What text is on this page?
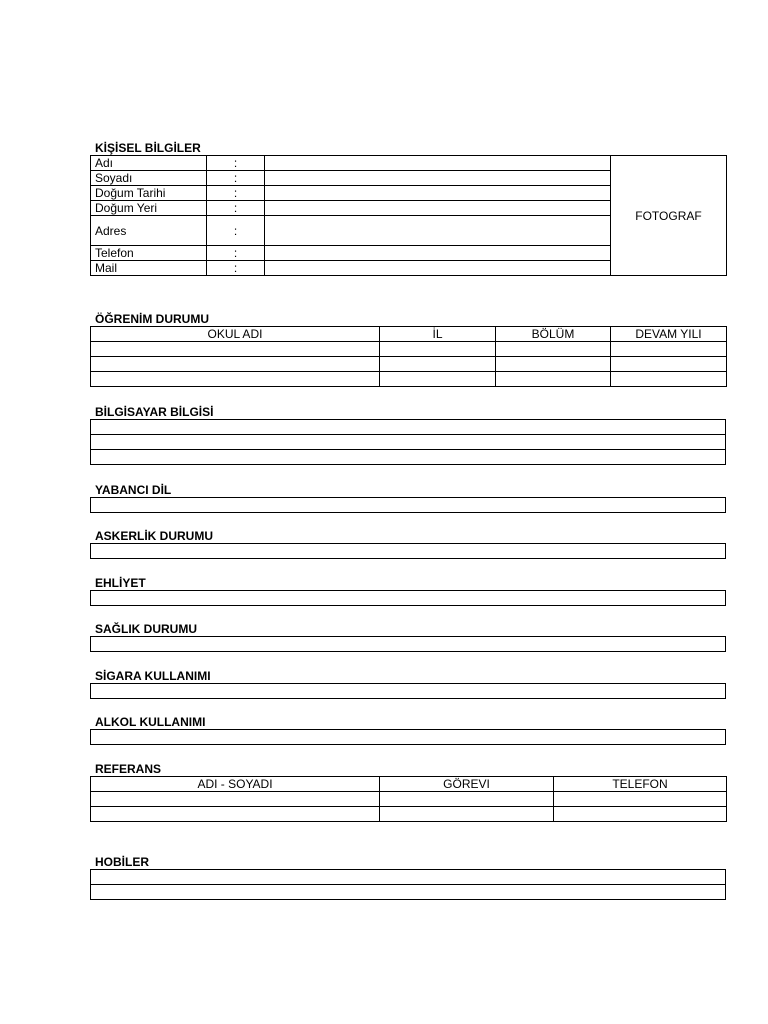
KİŞİSEL BİLGİLER
Adı	:		FOTOGRAF
Soyadı	:		
Doğum Tarihi	:		
Doğum Yeri	:		
Adres	:		
Telefon	:		
Mail	:		
ÖĞRENİM DURUMU
OKUL ADI	İL	BÖLÜM	DEVAM YILI

BİLGİSAYAR BİLGİSİ

YABANCI DİL
ASKERLİK DURUMU
EHLİYET
SAĞLIK DURUMU
SİGARA KULLANIMI
ALKOL KULLANIMI
REFERANS
ADI - SOYADI	GÖREVI	TELEFON

HOBİLER
